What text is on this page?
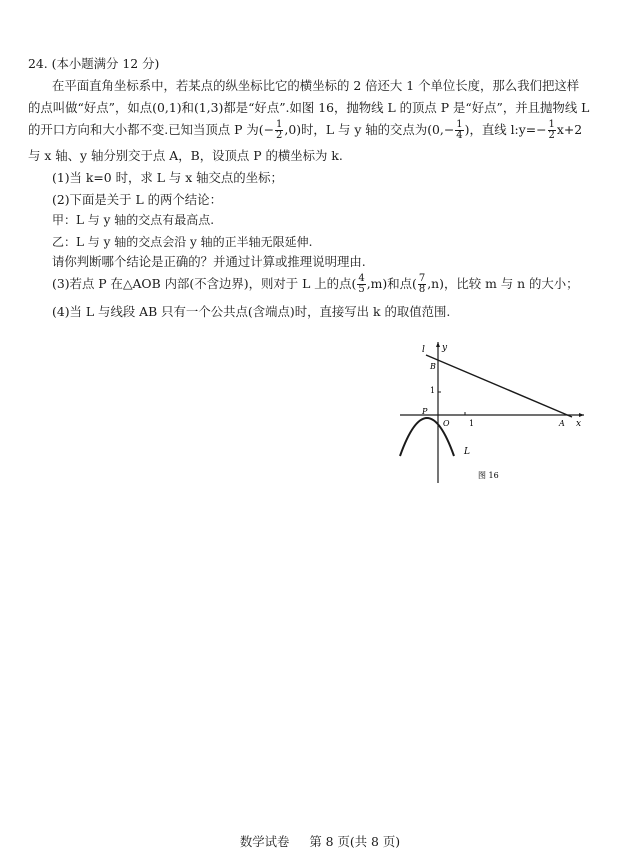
24. (本小题满分 12 分)
在平面直角坐标系中，若某点的纵坐标比它的横坐标的 2 倍还大 1 个单位长度，那么我们把这样
的点叫做“好点”，如点(0,1)和(1,3)都是“好点”.如图 16，抛物线 L 的顶点 P 是“好点”，并且抛物线 L
的开口方向和大小都不变.已知当顶点 P 为(− $\frac{1}{2} ,0$)时，L 与 y 轴的交点为($0,- \frac{1}{4}$ )，直线 l:y=− $\frac{1}{2} x+2$
与 x 轴、y 轴分别交于点 A，B，设顶点 P 的横坐标为 k.
(1)当 k=0 时，求 L 与 x 轴交点的坐标；
(2)下面是关于 L 的两个结论：
甲：L 与 y 轴的交点有最高点.
乙：L 与 y 轴的交点会沿 y 轴的正半轴无限延伸.
请你判断哪个结论是正确的？并通过计算或推理说明理由.
(3)若点 P 在△AOB 内部(不含边界)，则对于 L 上的点( $\frac{4}{5} ,m$)和点( $\frac{7}{8} ,n$)，比较 m 与 n 的大小；
(4)当 L 与线段 AB 只有一个公共点(含端点)时，直接写出 k 的取值范围.
y
x
l
B
1
P
O 1	A
L
图 16
数学试卷 第 8 页(共 8 页)
